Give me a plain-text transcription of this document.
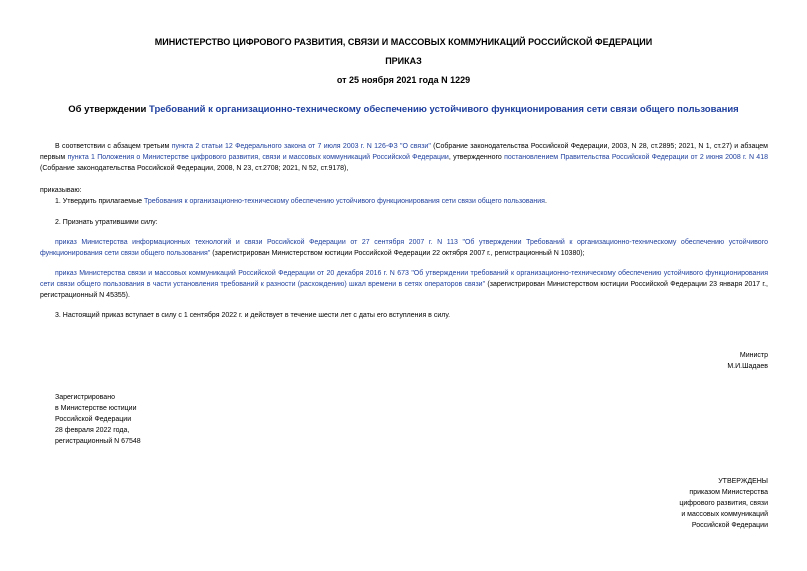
МИНИСТЕРСТВО ЦИФРОВОГО РАЗВИТИЯ, СВЯЗИ И МАССОВЫХ КОММУНИКАЦИЙ РОССИЙСКОЙ ФЕДЕРАЦИИ

ПРИКАЗ

от 25 ноября 2021 года N 1229

Об утверждении Требований к организационно-техническому обеспечению устойчивого функционирования сети связи общего пользования

В соответствии с абзацем третьим пункта 2 статьи 12 Федерального закона от 7 июля 2003 г. N 126-ФЗ "О связи" (Собрание законодательства Российской Федерации, 2003, N 28, ст.2895; 2021, N 1, ст.27) и абзацем первым пункта 1 Положения о Министерстве цифрового развития, связи и массовых коммуникаций Российской Федерации, утвержденного постановлением Правительства Российской Федерации от 2 июня 2008 г. N 418 (Собрание законодательства Российской Федерации, 2008, N 23, ст.2708; 2021, N 52, ст.9178),

приказываю:

1. Утвердить прилагаемые Требования к организационно-техническому обеспечению устойчивого функционирования сети связи общего пользования.

2. Признать утратившими силу:

приказ Министерства информационных технологий и связи Российской Федерации от 27 сентября 2007 г. N 113 "Об утверждении Требований к организационно-техническому обеспечению устойчивого функционирования сети связи общего пользования" (зарегистрирован Министерством юстиции Российской Федерации 22 октября 2007 г., регистрационный N 10380);

приказ Министерства связи и массовых коммуникаций Российской Федерации от 20 декабря 2016 г. N 673 "Об утверждении требований к организационно-техническому обеспечению устойчивого функционирования сети связи общего пользования в части установления требований к разности (расхождению) шкал времени в сетях операторов связи" (зарегистрирован Министерством юстиции Российской Федерации 23 января 2017 г., регистрационный N 45355).

3. Настоящий приказ вступает в силу с 1 сентября 2022 г. и действует в течение шести лет с даты его вступления в силу.

Министр
М.И.Шадаев
Зарегистрировано
в Министерстве юстиции
Российской Федерации
28 февраля 2022 года,
регистрационный N 67548
УТВЕРЖДЕНЫ
приказом Министерства
цифрового развития, связи
и массовых коммуникаций
Российской Федерации
